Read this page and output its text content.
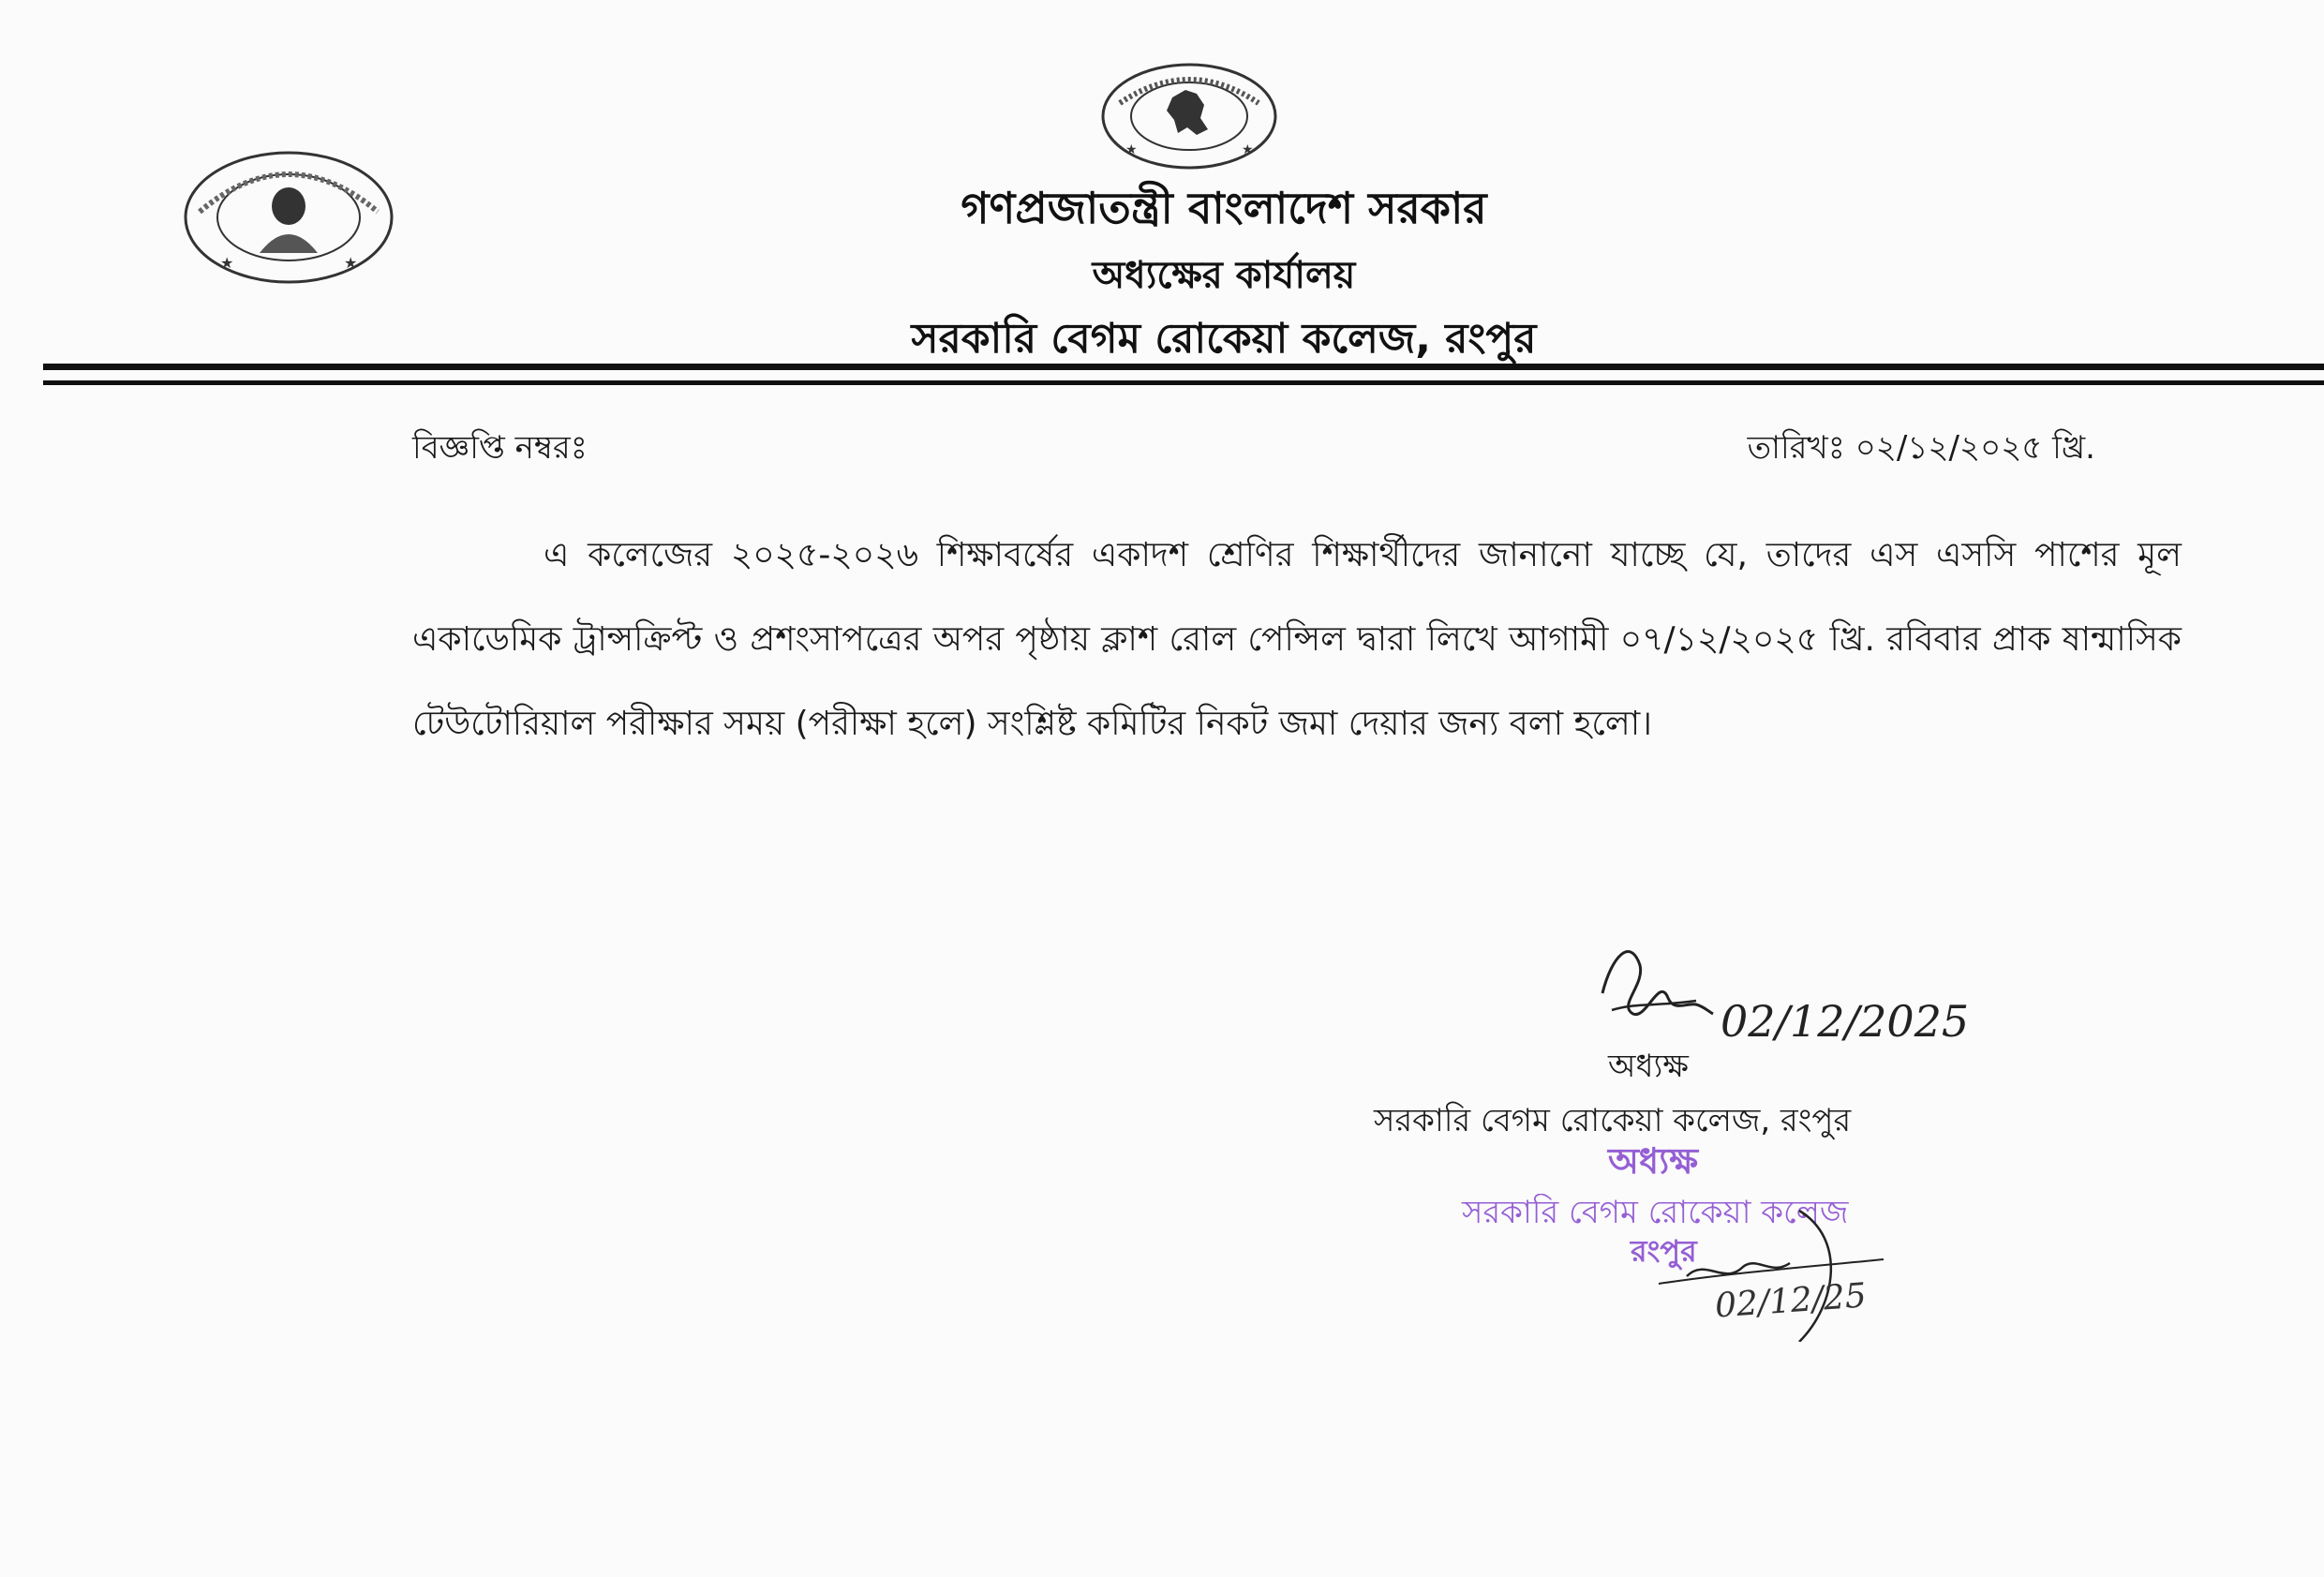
★	★
★	★
গণপ্রজাতন্ত্রী বাংলাদেশ সরকার
অধ্যক্ষের কার্যালয়
সরকারি বেগম রোকেয়া কলেজ, রংপুর
বিজ্ঞপ্তি নম্বরঃ	তারিখঃ ০২/১২/২০২৫ খ্রি.
এ কলেজের ২০২৫-২০২৬ শিক্ষাবর্ষের একাদশ শ্রেণির শিক্ষার্থীদের জানানো যাচ্ছে যে, তাদের এস এসসি পাশের মূল একাডেমিক ট্রান্সক্রিপ্ট ও প্রশংসাপত্রের অপর পৃষ্ঠায় ক্লাশ রোল পেন্সিল দ্বারা লিখে আগামী ০৭/১২/২০২৫ খ্রি. রবিবার প্রাক ষান্মাসিক টেউটোরিয়াল পরীক্ষার সময় (পরীক্ষা হলে) সংশ্লিষ্ট কমিটির নিকট জমা দেয়ার জন্য বলা হলো।
02/12/2025
অধ্যক্ষ
সরকারি বেগম রোকেয়া কলেজ, রংপুর
অধ্যক্ষ
সরকারি বেগম রোকেয়া কলেজ
রংপুর
02/12/25
